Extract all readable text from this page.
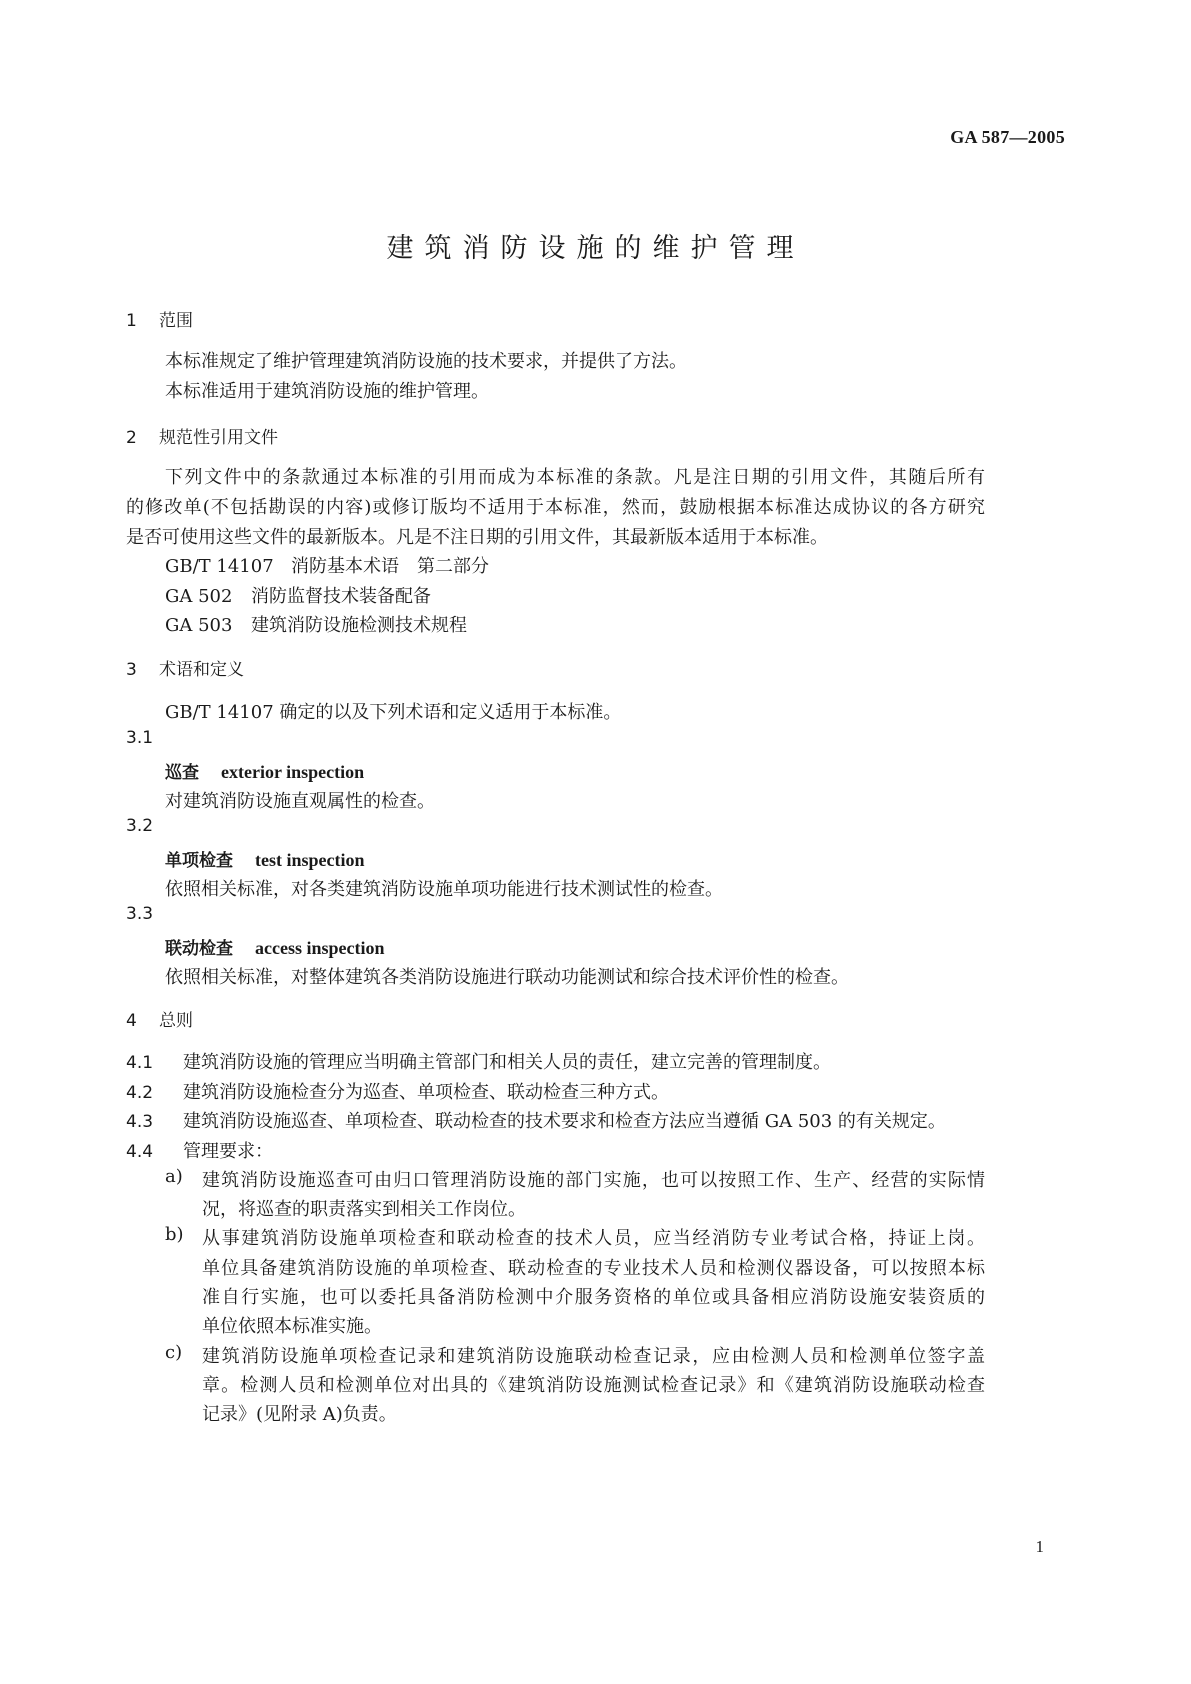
GA 587—2005
建筑消防设施的维护管理
1 范围
本标准规定了维护管理建筑消防设施的技术要求，并提供了方法。
本标准适用于建筑消防设施的维护管理。
2 规范性引用文件
下列文件中的条款通过本标准的引用而成为本标准的条款。凡是注日期的引用文件，其随后所有
的修改单(不包括勘误的内容)或修订版均不适用于本标准，然而，鼓励根据本标准达成协议的各方研究
是否可使用这些文件的最新版本。凡是不注日期的引用文件，其最新版本适用于本标准。
GB/T 14107 消防基本术语　第二部分
GA 502 消防监督技术装备配备
GA 503 建筑消防设施检测技术规程
3 术语和定义
GB/T 14107 确定的以及下列术语和定义适用于本标准。
3.1
巡查 exterior inspection
对建筑消防设施直观属性的检查。
3.2
单项检查 test inspection
依照相关标准，对各类建筑消防设施单项功能进行技术测试性的检查。
3.3
联动检查 access inspection
依照相关标准，对整体建筑各类消防设施进行联动功能测试和综合技术评价性的检查。
4 总则
4.1 建筑消防设施的管理应当明确主管部门和相关人员的责任，建立完善的管理制度。
4.2 建筑消防设施检查分为巡查、单项检查、联动检查三种方式。
4.3 建筑消防设施巡查、单项检查、联动检查的技术要求和检查方法应当遵循 GA 503 的有关规定。
4.4 管理要求：
a) 建筑消防设施巡查可由归口管理消防设施的部门实施，也可以按照工作、生产、经营的实际情
况，将巡查的职责落实到相关工作岗位。
b) 从事建筑消防设施单项检查和联动检查的技术人员，应当经消防专业考试合格，持证上岗。
单位具备建筑消防设施的单项检查、联动检查的专业技术人员和检测仪器设备，可以按照本标
准自行实施，也可以委托具备消防检测中介服务资格的单位或具备相应消防设施安装资质的
单位依照本标准实施。
c) 建筑消防设施单项检查记录和建筑消防设施联动检查记录，应由检测人员和检测单位签字盖
章。检测人员和检测单位对出具的《建筑消防设施测试检查记录》和《建筑消防设施联动检查
记录》(见附录 A)负责。
1
